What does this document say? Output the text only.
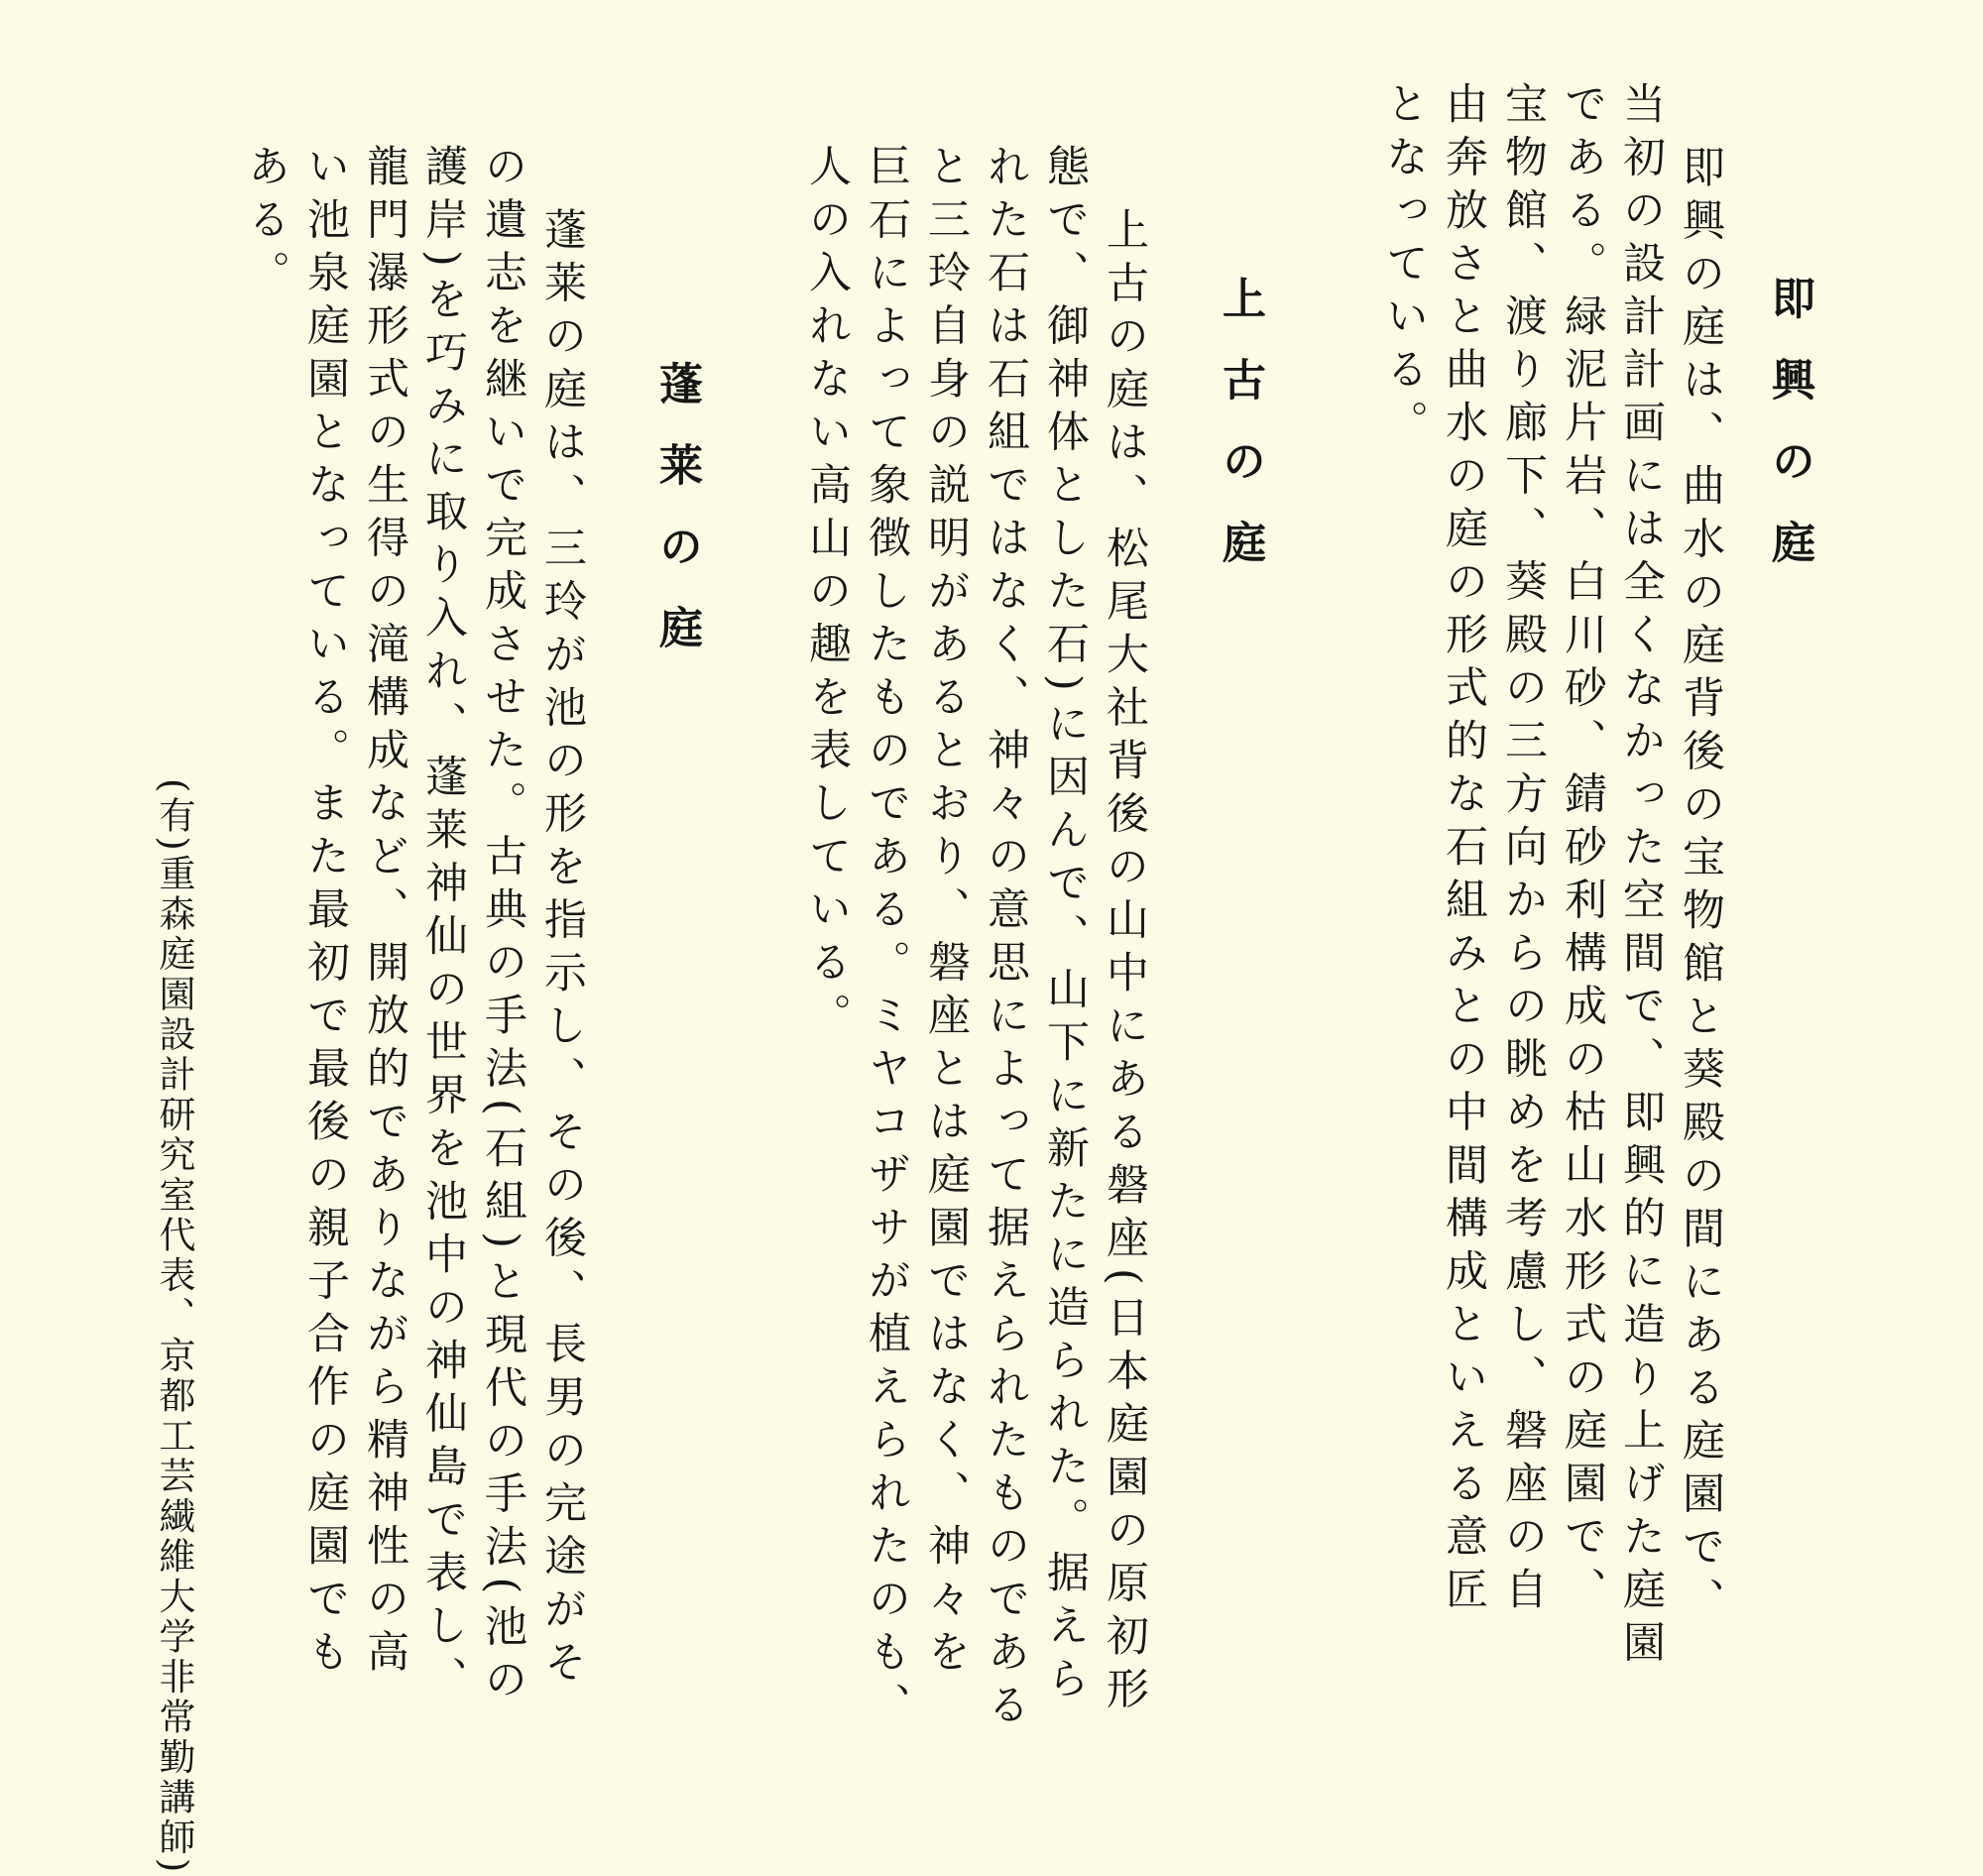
即興の庭

即興の庭は、曲水の庭背後の宝物館と葵殿の間にある庭園で、

当初の設計計画には全くなかった空間で、即興的に造り上げた庭園

である。緑泥片岩、白川砂、錆砂利構成の枯山水形式の庭園で、

宝物館、渡り廊下、葵殿の三方向からの眺めを考慮し、磐座の自

由奔放さと曲水の庭の形式的な石組みとの中間構成といえる意匠

となっている。

上古の庭

上古の庭は、松尾大社背後の山中にある磐座(日本庭園の原初形

態で、御神体とした石)に因んで、山下に新たに造られた。据えら

れた石は石組ではなく、神々の意思によって据えられたものである

と三玲自身の説明があるとおり、磐座とは庭園ではなく、神々を

巨石によって象徴したものである。ミヤコザサが植えられたのも、

人の入れない高山の趣を表している。

蓬莱の庭

蓬莱の庭は、三玲が池の形を指示し、その後、長男の完途がそ

の遺志を継いで完成させた。古典の手法(石組)と現代の手法(池の

護岸)を巧みに取り入れ、蓬莱神仙の世界を池中の神仙島で表し、

龍門瀑形式の生得の滝構成など、開放的でありながら精神性の高

い池泉庭園となっている。また最初で最後の親子合作の庭園でも

ある。

(有)重森庭園設計研究室代表、京都工芸繊維大学非常勤講師)
